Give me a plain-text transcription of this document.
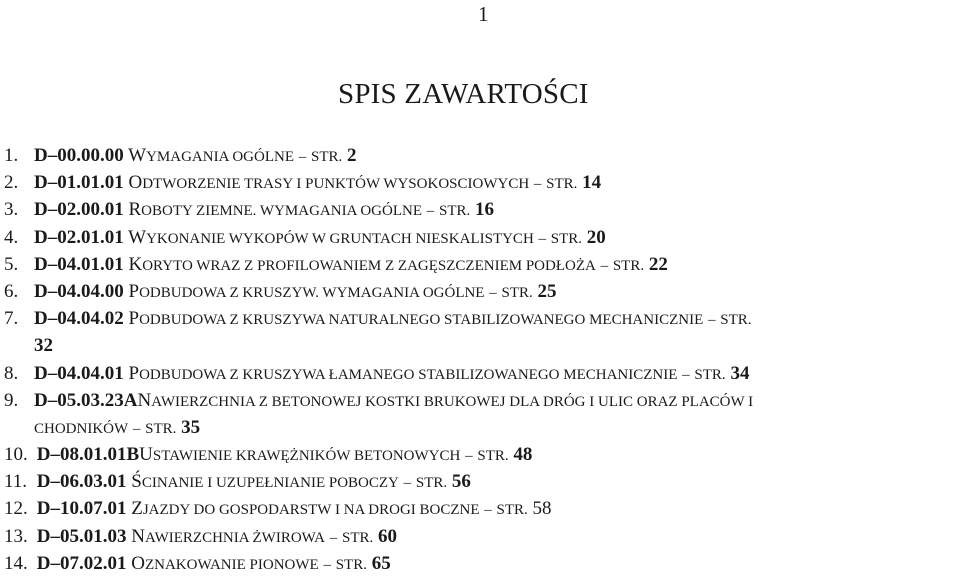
1
SPIS ZAWARTOŚCI
1. D–00.00.00 WYMAGANIA OGÓLNE – STR. 2
2. D–01.01.01 ODTWORZENIE TRASY I PUNKTÓW WYSOKOSCIOWYCH – STR. 14
3. D–02.00.01 ROBOTY ZIEMNE. WYMAGANIA OGÓLNE – STR. 16
4. D–02.01.01 WYKONANIE WYKOPÓW W GRUNTACH NIESKALISTYCH – STR. 20
5. D–04.01.01 KORYTO WRAZ Z PROFILOWANIEM Z ZAGĘSZCZENIEM PODŁOŻA – STR. 22
6. D–04.04.00 PODBUDOWA Z KRUSZYW. WYMAGANIA OGÓLNE – STR. 25
7. D–04.04.02 PODBUDOWA Z KRUSZYWA NATURALNEGO STABILIZOWANEGO MECHANICZNIE – STR.
32
8. D–04.04.01 PODBUDOWA Z KRUSZYWA ŁAMANEGO STABILIZOWANEGO MECHANICZNIE – STR. 34
9. D–05.03.23ANAWIERZCHNIA Z BETONOWEJ KOSTKI BRUKOWEJ DLA DRÓG I ULIC ORAZ PLACÓW I
CHODNIKÓW – STR. 35
10. D–08.01.01BUSTAWIENIE KRAWĘŻNIKÓW BETONOWYCH – STR. 48
11. D–06.03.01 ŚCINANIE I UZUPEŁNIANIE POBOCZY – STR. 56
12. D–10.07.01 ZJAZDY DO GOSPODARSTW I NA DROGI BOCZNE – STR. 58
13. D–05.01.03 NAWIERZCHNIA ŻWIROWA – STR. 60
14. D–07.02.01 OZNAKOWANIE PIONOWE – STR. 65
